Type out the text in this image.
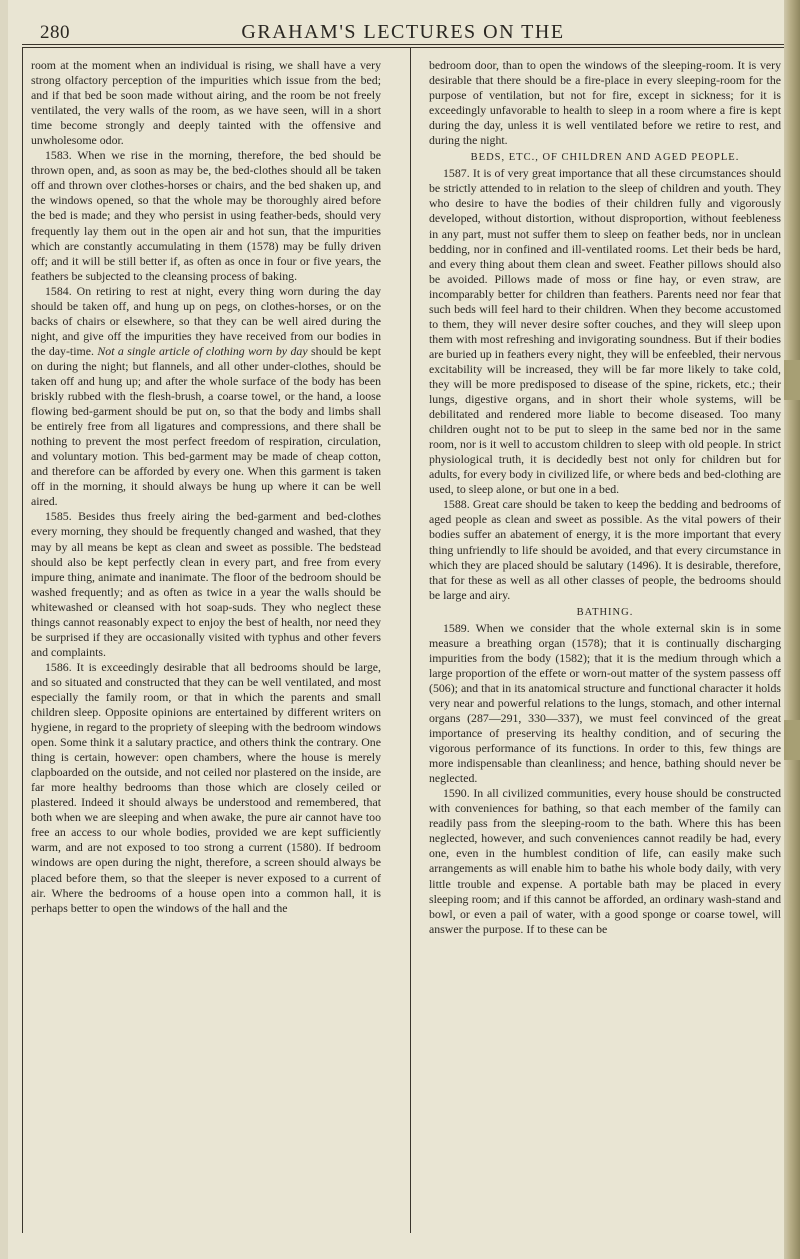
280	GRAHAM'S LECTURES ON THE

room at the moment when an individual is rising, we shall have a very strong olfactory perception of the impurities which issue from the bed; and if that bed be soon made without airing, and the room be not freely ventilated, the very walls of the room, as we have seen, will in a short time become strongly and deeply tainted with the offensive and unwholesome odor.

1583. When we rise in the morning, therefore, the bed should be thrown open, and, as soon as may be, the bed-clothes should all be taken off and thrown over clothes-horses or chairs, and the bed shaken up, and the windows opened, so that the whole may be thoroughly aired before the bed is made; and they who persist in using feather-beds, should very frequently lay them out in the open air and hot sun, that the impurities which are constantly accumulating in them (1578) may be fully driven off; and it will be still better if, as often as once in four or five years, the feathers be subjected to the cleansing process of baking.

1584. On retiring to rest at night, every thing worn during the day should be taken off, and hung up on pegs, on clothes-horses, or on the backs of chairs or elsewhere, so that they can be well aired during the night, and give off the impurities they have received from our bodies in the day-time. Not a single article of clothing worn by day should be kept on during the night; but flannels, and all other under-clothes, should be taken off and hung up; and after the whole surface of the body has been briskly rubbed with the flesh-brush, a coarse towel, or the hand, a loose flowing bed-garment should be put on, so that the body and limbs shall be entirely free from all ligatures and compressions, and there shall be nothing to prevent the most perfect freedom of respiration, circulation, and voluntary motion. This bed-garment may be made of cheap cotton, and therefore can be afforded by every one. When this garment is taken off in the morning, it should always be hung up where it can be well aired.

1585. Besides thus freely airing the bed-garment and bed-clothes every morning, they should be frequently changed and washed, that they may by all means be kept as clean and sweet as possible. The bedstead should also be kept perfectly clean in every part, and free from every impure thing, animate and inanimate. The floor of the bedroom should be washed frequently; and as often as twice in a year the walls should be whitewashed or cleansed with hot soap-suds. They who neglect these things cannot reasonably expect to enjoy the best of health, nor need they be surprised if they are occasionally visited with typhus and other fevers and complaints.

1586. It is exceedingly desirable that all bedrooms should be large, and so situated and constructed that they can be well ventilated, and most especially the family room, or that in which the parents and small children sleep. Opposite opinions are entertained by different writers on hygiene, in regard to the propriety of sleeping with the bedroom windows open. Some think it a salutary practice, and others think the contrary. One thing is certain, however: open chambers, where the house is merely clapboarded on the outside, and not ceiled nor plastered on the inside, are far more healthy bedrooms than those which are closely ceiled or plastered. Indeed it should always be understood and remembered, that both when we are sleeping and when awake, the pure air cannot have too free an access to our whole bodies, provided we are kept sufficiently warm, and are not exposed to too strong a current (1580). If bedroom windows are open during the night, therefore, a screen should always be placed before them, so that the sleeper is never exposed to a current of air. Where the bedrooms of a house open into a common hall, it is perhaps better to open the windows of the hall and the

bedroom door, than to open the windows of the sleeping-room. It is very desirable that there should be a fire-place in every sleeping-room for the purpose of ventilation, but not for fire, except in sickness; for it is exceedingly unfavorable to health to sleep in a room where a fire is kept during the day, unless it is well ventilated before we retire to rest, and during the night.

BEDS, ETC., OF CHILDREN AND AGED PEOPLE.

1587. It is of very great importance that all these circumstances should be strictly attended to in relation to the sleep of children and youth. They who desire to have the bodies of their children fully and vigorously developed, without distortion, without disproportion, without feebleness in any part, must not suffer them to sleep on feather beds, nor in unclean bedding, nor in confined and ill-ventilated rooms. Let their beds be hard, and every thing about them clean and sweet. Feather pillows should also be avoided. Pillows made of moss or fine hay, or even straw, are incomparably better for children than feathers. Parents need nor fear that such beds will feel hard to their children. When they become accustomed to them, they will never desire softer couches, and they will sleep upon them with most refreshing and invigorating soundness. But if their bodies are buried up in feathers every night, they will be enfeebled, their nervous excitability will be increased, they will be far more likely to take cold, they will be more predisposed to disease of the spine, rickets, etc.; their lungs, digestive organs, and in short their whole systems, will be debilitated and rendered more liable to become diseased. Too many children ought not to be put to sleep in the same bed nor in the same room, nor is it well to accustom children to sleep with old people. In strict physiological truth, it is decidedly best not only for children but for adults, for every body in civilized life, or where beds and bed-clothing are used, to sleep alone, or but one in a bed.

1588. Great care should be taken to keep the bedding and bedrooms of aged people as clean and sweet as possible. As the vital powers of their bodies suffer an abatement of energy, it is the more important that every thing unfriendly to life should be avoided, and that every circumstance in which they are placed should be salutary (1496). It is desirable, therefore, that for these as well as all other classes of people, the bedrooms should be large and airy.

BATHING.

1589. When we consider that the whole external skin is in some measure a breathing organ (1578); that it is continually discharging impurities from the body (1582); that it is the medium through which a large proportion of the effete or worn-out matter of the system passess off (506); and that in its anatomical structure and functional character it holds very near and powerful relations to the lungs, stomach, and other internal organs (287—291, 330—337), we must feel convinced of the great importance of preserving its healthy condition, and of securing the vigorous performance of its functions. In order to this, few things are more indispensable than cleanliness; and hence, bathing should never be neglected.

1590. In all civilized communities, every house should be constructed with conveniences for bathing, so that each member of the family can readily pass from the sleeping-room to the bath. Where this has been neglected, however, and such conveniences cannot readily be had, every one, even in the humblest condition of life, can easily make such arrangements as will enable him to bathe his whole body daily, with very little trouble and expense. A portable bath may be placed in every sleeping room; and if this cannot be afforded, an ordinary wash-stand and bowl, or even a pail of water, with a good sponge or coarse towel, will answer the purpose. If to these can be
